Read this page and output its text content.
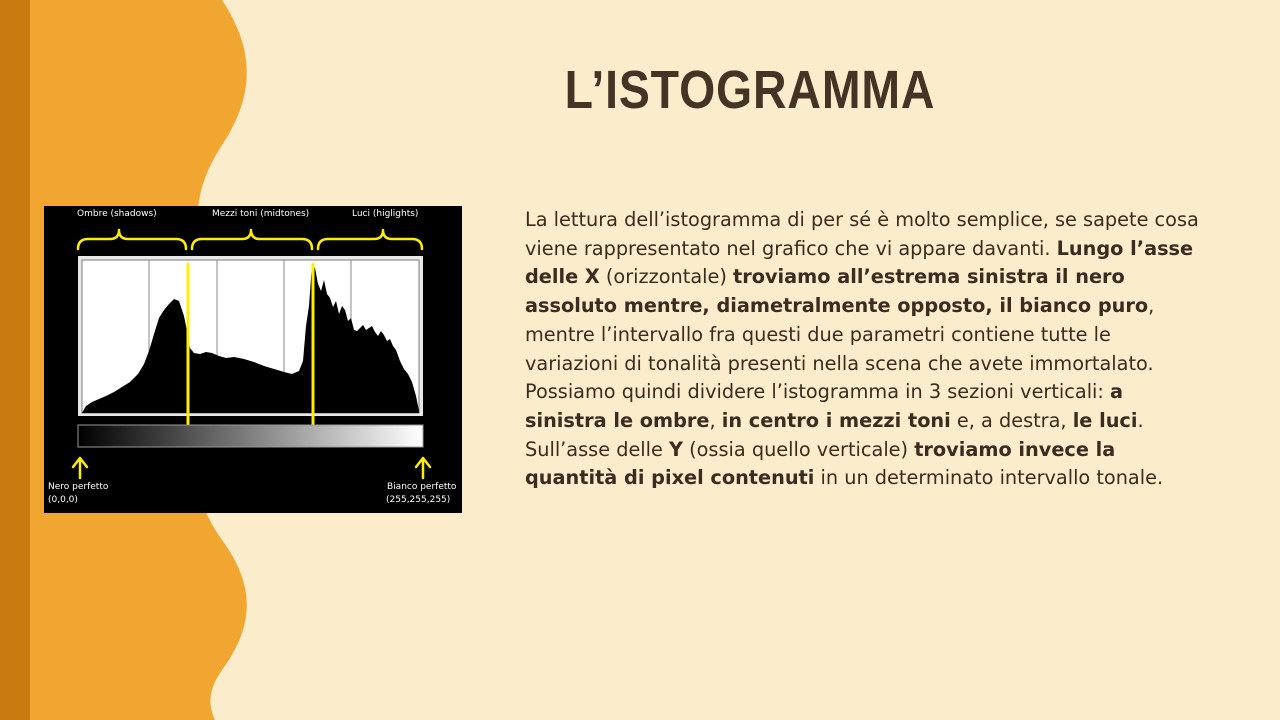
L’ISTOGRAMMA
Ombre (shadows)	Mezzi toni (midtones)	Luci (higlights)
Nero perfetto
(0,0,0)
Bianco perfetto
(255,255,255)

La lettura dell’istogramma di per sé è molto semplice, se sapete cosa viene rappresentato nel grafico che vi appare davanti. Lungo l’asse delle X (orizzontale) troviamo all’estrema sinistra il nero assoluto mentre, diametralmente opposto, il bianco puro, mentre l’intervallo fra questi due parametri contiene tutte le variazioni di tonalità presenti nella scena che avete immortalato. Possiamo quindi dividere l’istogramma in 3 sezioni verticali: a sinistra le ombre, in centro i mezzi toni e, a destra, le luci. Sull’asse delle Y (ossia quello verticale) troviamo invece la quantità di pixel contenuti in un determinato intervallo tonale.
